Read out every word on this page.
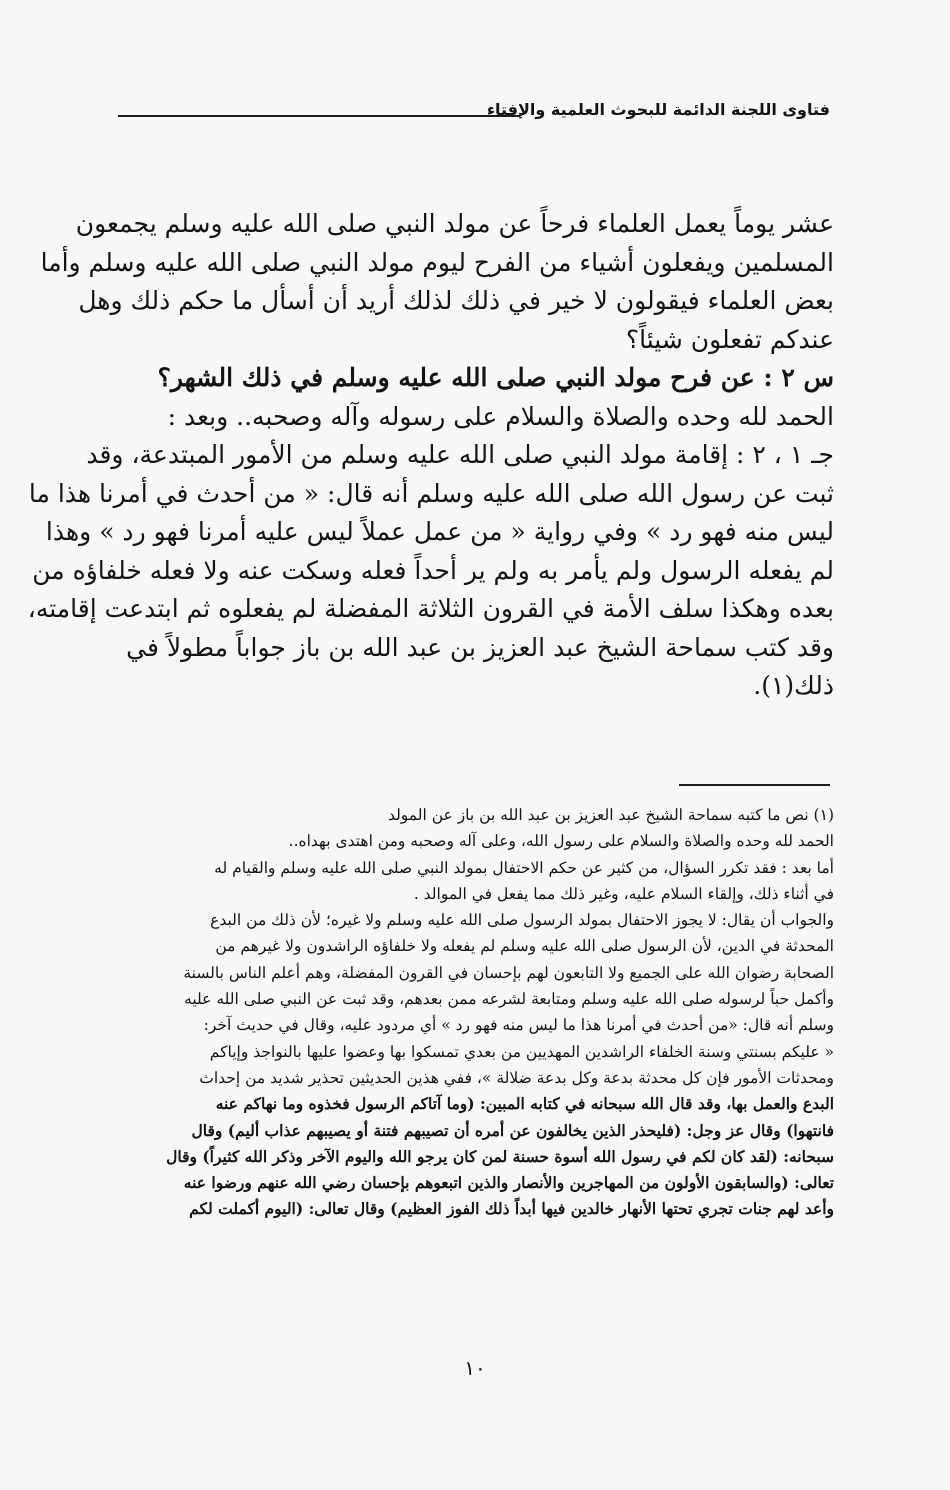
فتاوى اللجنة الدائمة للبحوث العلمية والإفتاء
عشر يوماً يعمل العلماء فرحاً عن مولد النبي صلى الله عليه وسلم يجمعون
المسلمين ويفعلون أشياء من الفرح ليوم مولد النبي صلى الله عليه وسلم وأما
بعض العلماء فيقولون لا خير في ذلك لذلك أريد أن أسأل ما حكم ذلك وهل
عندكم تفعلون شيئاً؟
س ٢ : عن فرح مولد النبي صلى الله عليه وسلم في ذلك الشهر؟
الحمد لله وحده والصلاة والسلام على رسوله وآله وصحبه.. وبعد :
جـ ١ ، ٢ : إقامة مولد النبي صلى الله عليه وسلم من الأمور المبتدعة، وقد
ثبت عن رسول الله صلى الله عليه وسلم أنه قال: « من أحدث في أمرنا هذا ما
ليس منه فهو رد » وفي رواية « من عمل عملاً ليس عليه أمرنا فهو رد » وهذا
لم يفعله الرسول ولم يأمر به ولم ير أحداً فعله وسكت عنه ولا فعله خلفاؤه من
بعده وهكذا سلف الأمة في القرون الثلاثة المفضلة لم يفعلوه ثم ابتدعت إقامته،
وقد كتب سماحة الشيخ عبد العزيز بن عبد الله بن باز جواباً مطولاً في
ذلك(١).
(١) نص ما كتبه سماحة الشيخ عبد العزيز بن عبد الله بن باز عن المولد
الحمد لله وحده والصلاة والسلام على رسول الله، وعلى آله وصحبه ومن اهتدى بهداه..
أما بعد : فقد تكرر السؤال، من كثير عن حكم الاحتفال بمولد النبي صلى الله عليه وسلم والقيام له
في أثناء ذلك، وإلقاء السلام عليه، وغير ذلك مما يفعل في الموالد .
والجواب أن يقال: لا يجوز الاحتفال بمولد الرسول صلى الله عليه وسلم ولا غيره؛ لأن ذلك من البدع
المحدثة في الدين، لأن الرسول صلى الله عليه وسلم لم يفعله ولا خلفاؤه الراشدون ولا غيرهم من
الصحابة رضوان الله على الجميع ولا التابعون لهم بإحسان في القرون المفضلة، وهم أعلم الناس بالسنة
وأكمل حباً لرسوله صلى الله عليه وسلم ومتابعة لشرعه ممن بعدهم، وقد ثبت عن النبي صلى الله عليه
وسلم أنه قال: «من أحدث في أمرنا هذا ما ليس منه فهو رد » أي مردود عليه، وقال في حديث آخر:
« عليكم بسنتي وسنة الخلفاء الراشدين المهديين من بعدي تمسكوا بها وعضوا عليها بالنواجذ وإياكم
ومحدثات الأمور فإن كل محدثة بدعة وكل بدعة ضلالة »، ففي هذين الحديثين تحذير شديد من إحداث
البدع والعمل بها، وقد قال الله سبحانه في كتابه المبين: (وما آتاكم الرسول فخذوه وما نهاكم عنه
فانتهوا) وقال عز وجل: (فليحذر الذين يخالفون عن أمره أن تصيبهم فتنة أو يصيبهم عذاب أليم) وقال
سبحانه: (لقد كان لكم في رسول الله أسوة حسنة لمن كان يرجو الله واليوم الآخر وذكر الله كثيراً) وقال
تعالى: (والسابقون الأولون من المهاجرين والأنصار والذين اتبعوهم بإحسان رضي الله عنهم ورضوا عنه
وأعد لهم جنات تجري تحتها الأنهار خالدين فيها أبداً ذلك الفوز العظيم) وقال تعالى: (اليوم أكملت لكم
١٠
